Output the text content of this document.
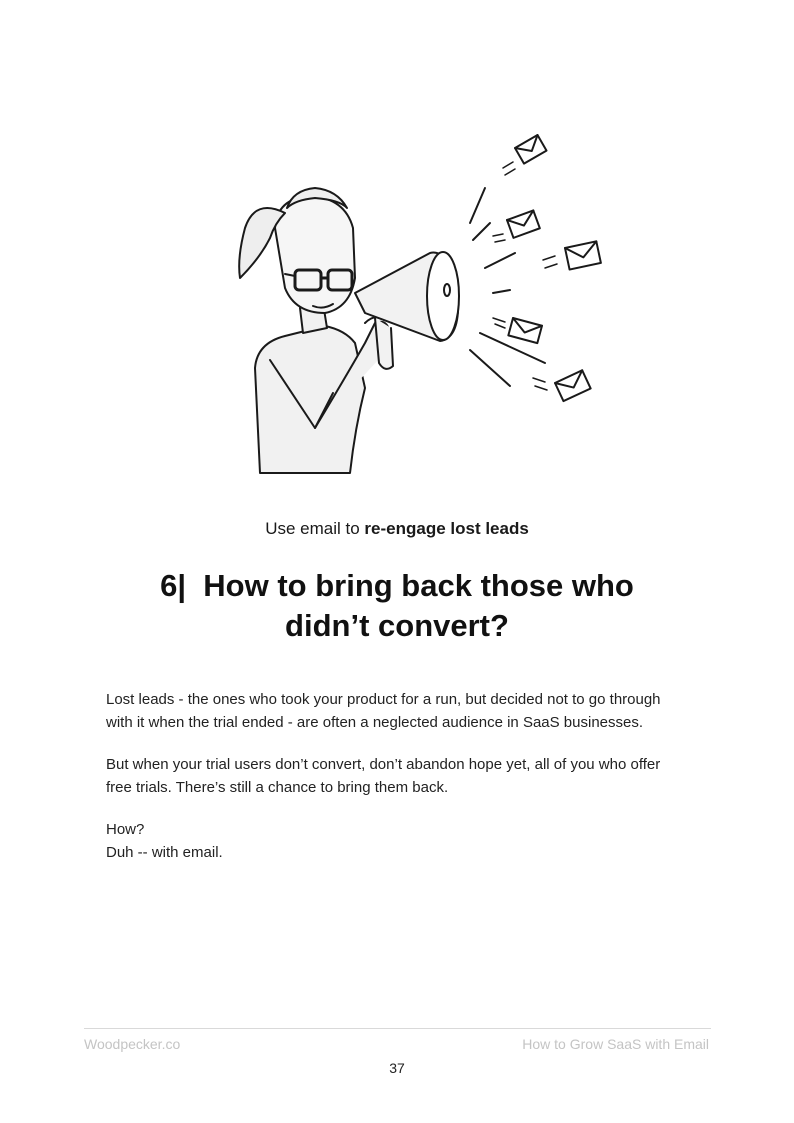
Use email to re-engage lost leads
6|  How to bring back those who
didn’t convert?

Lost leads - the ones who took your product for a run, but decided not to go through with it when the trial ended - are often a neglected audience in SaaS businesses.

But when your trial users don’t convert, don’t abandon hope yet, all of you who offer free trials. There’s still a chance to bring them back.

How?
Duh -- with email.

Woodpecker.co	How to Grow SaaS with Email
37
